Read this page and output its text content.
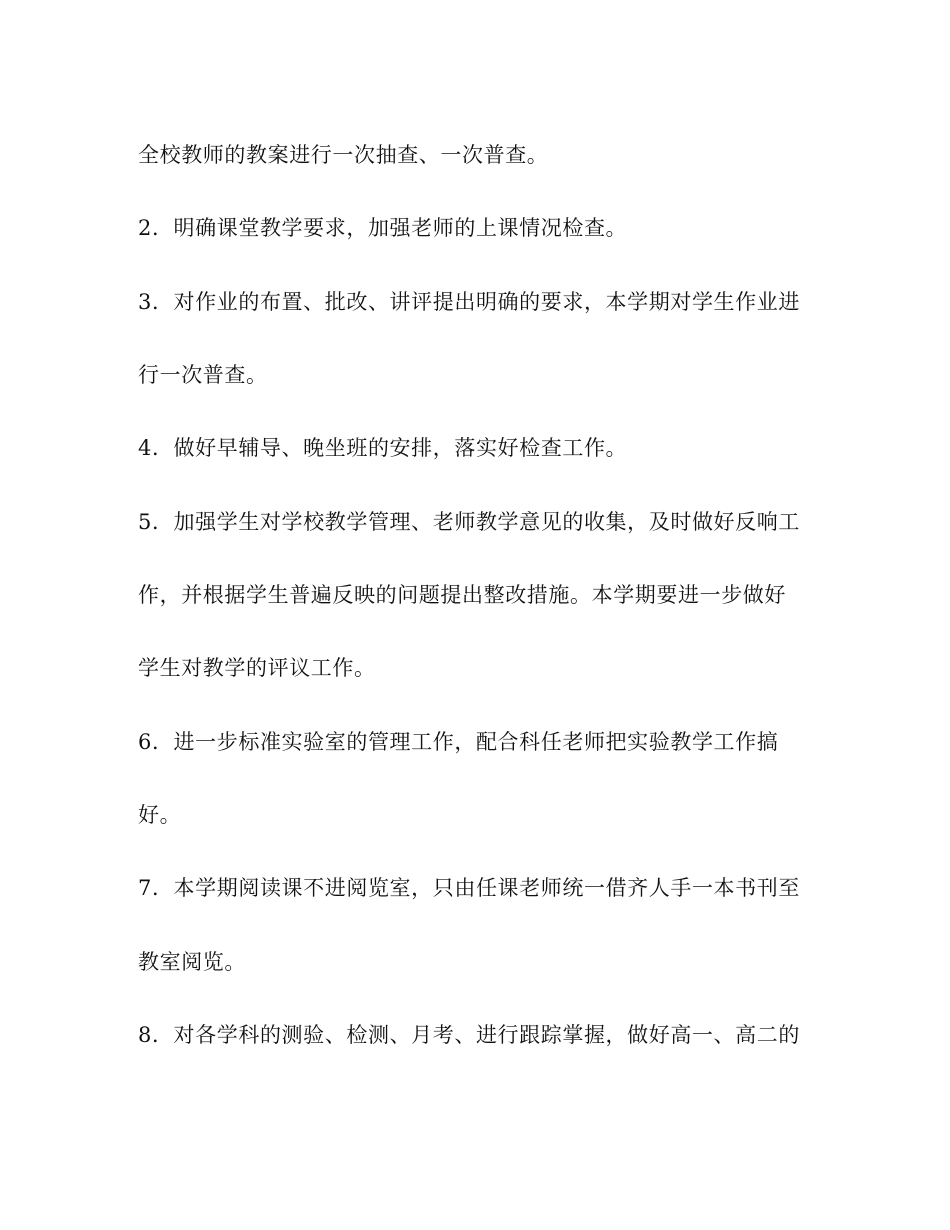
全校教师的教案进行一次抽查、一次普查。
2．明确课堂教学要求，加强老师的上课情况检查。
3．对作业的布置、批改、讲评提出明确的要求，本学期对学生作业进
行一次普查。
4．做好早辅导、晚坐班的安排，落实好检查工作。
5．加强学生对学校教学管理、老师教学意见的收集，及时做好反响工
作，并根据学生普遍反映的问题提出整改措施。本学期要进一步做好
学生对教学的评议工作。
6．进一步标准实验室的管理工作，配合科任老师把实验教学工作搞
好。
7．本学期阅读课不进阅览室，只由任课老师统一借齐人手一本书刊至
教室阅览。
8．对各学科的测验、检测、月考、进行跟踪掌握，做好高一、高二的
